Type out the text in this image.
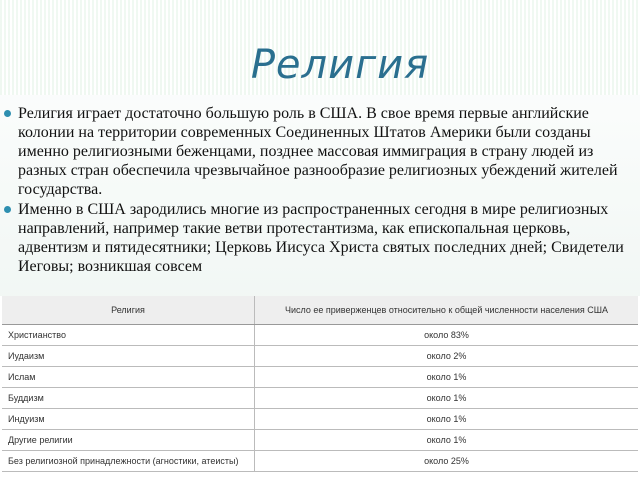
Религия
Религия играет достаточно большую роль в США. В свое время первые английские колонии на территории современных Соединенных Штатов Америки были созданы именно религиозными беженцами, позднее массовая иммиграция в страну людей из разных стран обеспечила чрезвычайное разнообразие религиозных убеждений жителей государства.
Именно в США зародились многие из распространенных сегодня в мире религиозных направлений, например такие ветви протестантизма, как епископальная церковь, адвентизм и пятидесятники; Церковь Иисуса Христа святых последних дней; Свидетели Иеговы; возникшая совсем
Религия	Число ее приверженцев относительно к общей численности населения США
Христианство	около 83%
Иудаизм	около 2%
Ислам	около 1%
Буддизм	около 1%
Индуизм	около 1%
Другие религии	около 1%
Без религиозной принадлежности (агностики, атеисты)	около 25%
